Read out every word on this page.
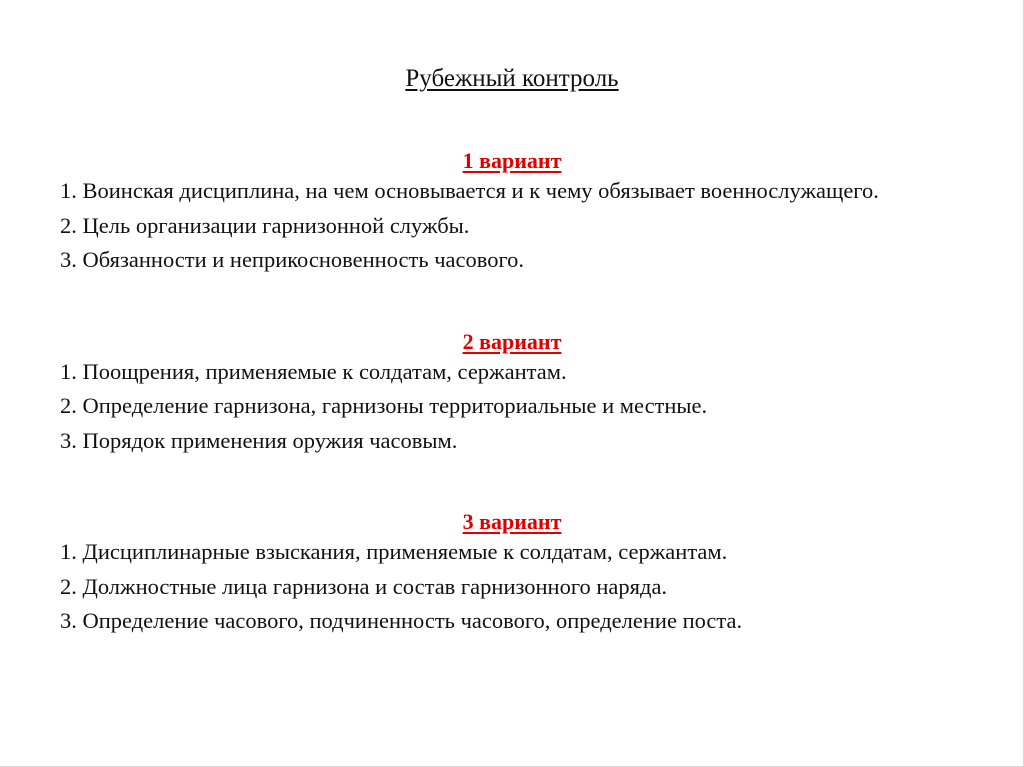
Рубежный контроль

1 вариант

1. Воинская дисциплина, на чем основывается и к чему обязывает военнослужащего.

2. Цель организации гарнизонной службы.

3. Обязанности и неприкосновенность часового.

2 вариант

1. Поощрения, применяемые к солдатам, сержантам.

2. Определение гарнизона, гарнизоны территориальные и местные.

3. Порядок применения оружия часовым.

3 вариант

1. Дисциплинарные взыскания, применяемые к солдатам, сержантам.

2. Должностные лица гарнизона и состав гарнизонного наряда.

3. Определение часового, подчиненность часового, определение поста.
